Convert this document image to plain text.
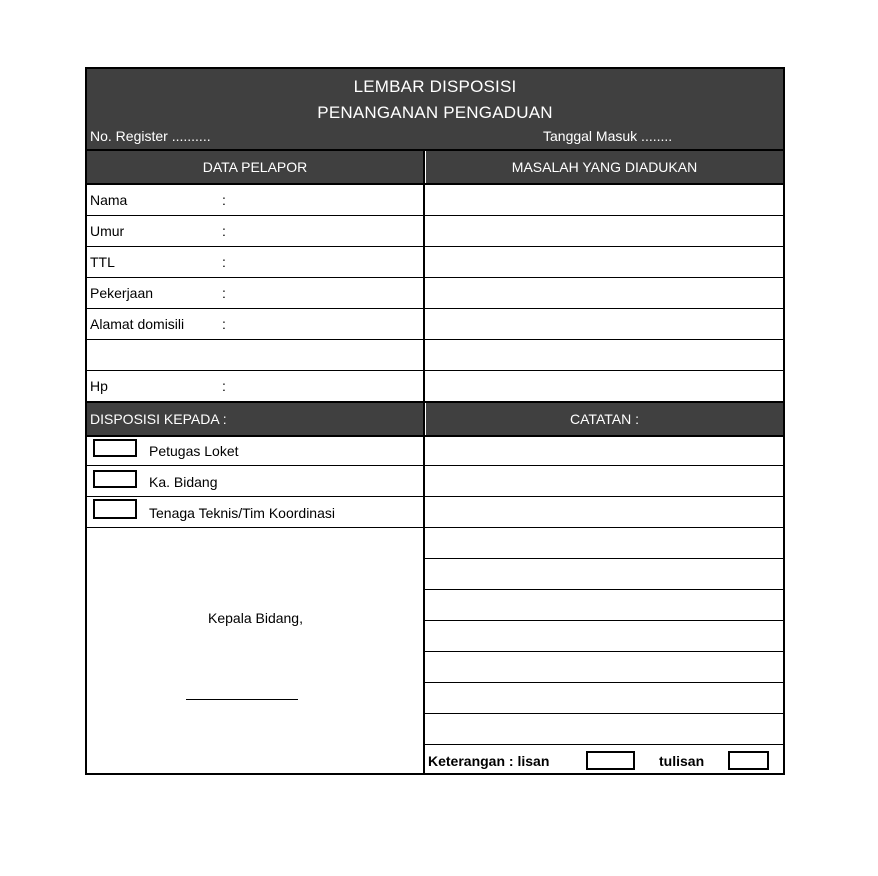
LEMBAR DISPOSISI
PENANGANAN PENGADUAN
No. Register ..........	Tanggal Masuk ........
DATA PELAPOR	MASALAH YANG DIADUKAN
Nama	:
Umur	:
TTL	:
Pekerjaan	:
Alamat domisili	:
Hp	:
DISPOSISI KEPADA :	CATATAN :
Petugas Loket
Ka. Bidang
Tenaga Teknis/Tim Koordinasi
Kepala Bidang,
Keterangan : lisan	tulisan
